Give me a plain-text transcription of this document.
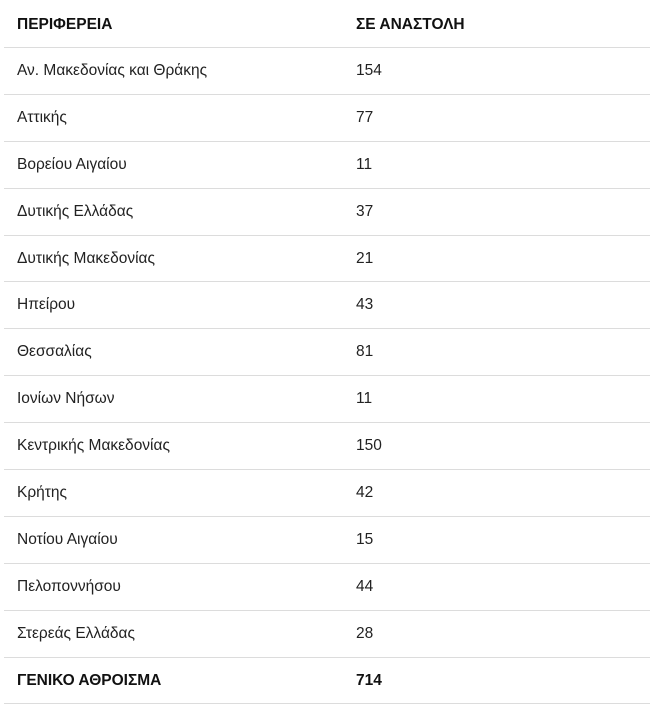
ΠΕΡΙΦΕΡΕΙΑ	ΣΕ ΑΝΑΣΤΟΛΗ
Αν. Μακεδονίας και Θράκης	154
Αττικής	77
Βορείου Αιγαίου	11
Δυτικής Ελλάδας	37
Δυτικής Μακεδονίας	21
Ηπείρου	43
Θεσσαλίας	81
Ιονίων Νήσων	11
Κεντρικής Μακεδονίας	150
Κρήτης	42
Νοτίου Αιγαίου	15
Πελοποννήσου	44
Στερεάς Ελλάδας	28
ΓΕΝΙΚΟ ΑΘΡΟΙΣΜΑ	714
